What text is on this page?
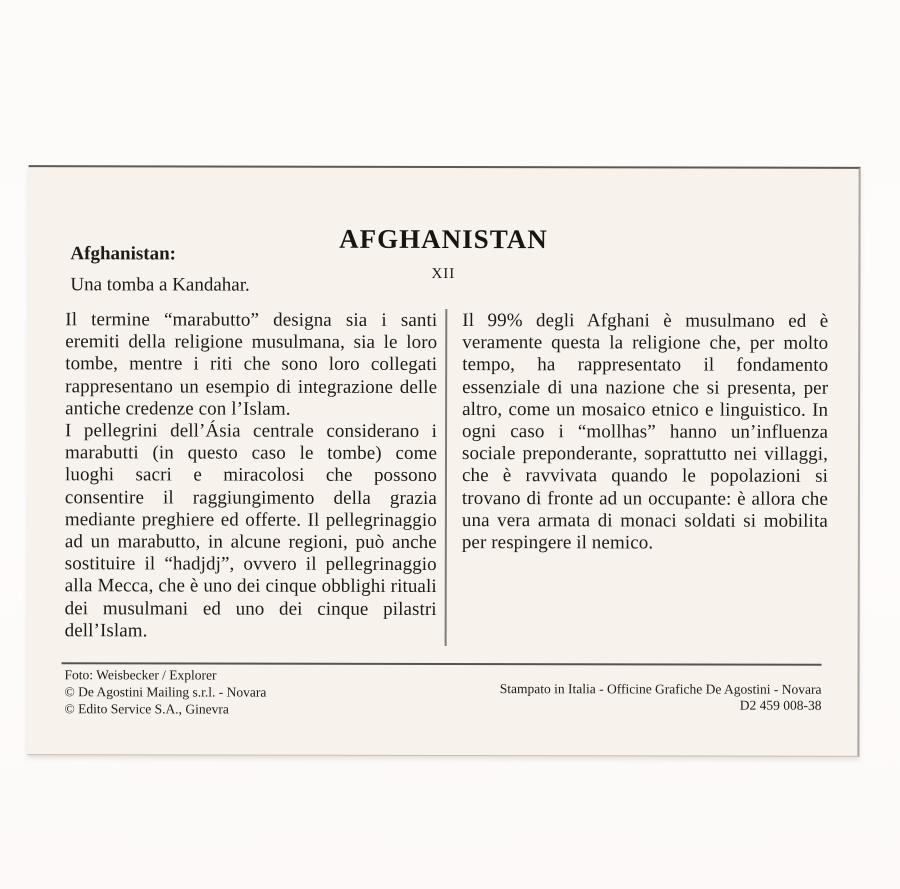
AFGHANISTAN
XII

Afghanistan:

Una tomba a Kandahar.

Il termine “marabutto” designa sia i santi eremiti della religione musulmana, sia le loro tombe, mentre i riti che sono loro collegati rappresentano un esempio di integrazione delle antiche credenze con l’Islam.

I pellegrini dell’Ásia centrale considerano i marabutti (in questo caso le tombe) come luoghi sacri e miracolosi che possono consentire il raggiungimento della grazia mediante preghiere ed offerte. Il pellegrinaggio ad un marabutto, in alcune regioni, può anche sostituire il “hadjdj”, ovvero il pellegrinaggio alla Mecca, che è uno dei cinque obblighi rituali dei musulmani ed uno dei cinque pilastri dell’Islam.

Il 99% degli Afghani è musulmano ed è veramente questa la religione che, per molto tempo, ha rappresentato il fondamento essenziale di una nazione che si presenta, per altro, come un mosaico etnico e linguistico. In ogni caso i “mollhas” hanno un’influenza sociale preponderante, soprattutto nei villaggi, che è ravvivata quando le popolazioni si trovano di fronte ad un occupante: è allora che una vera armata di monaci soldati si mobilita per respingere il nemico.

Foto: Weisbecker / Explorer
© De Agostini Mailing s.r.l. - Novara
© Edito Service S.A., Ginevra
Stampato in Italia - Officine Grafiche De Agostini - Novara
D2 459 008-38
